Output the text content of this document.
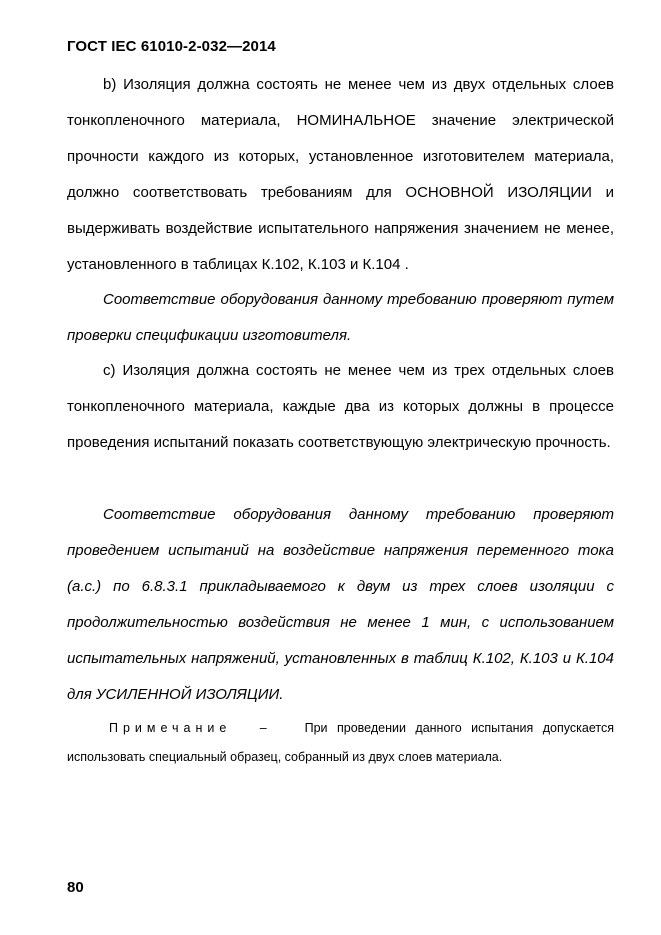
ГОСТ IEC 61010-2-032—2014

b) Изоляция должна состоять не менее чем из двух отдельных слоев тонкопленочного материала, НОМИНАЛЬНОЕ значение электрической прочности каждого из которых, установленное изготовителем материала, должно соответствовать требованиям для ОСНОВНОЙ ИЗОЛЯЦИИ и выдерживать воздействие испытательного напряжения значением не менее, установленного в таблицах К.102, К.103 и К.104 .

Соответствие оборудования данному требованию проверяют путем проверки спецификации изготовителя.

с) Изоляция должна состоять не менее чем из трех отдельных слоев тонкопленочного материала, каждые два из которых должны в процессе проведения испытаний показать соответствующую электрическую прочность.

Соответствие оборудования данному требованию проверяют проведением испытаний на воздействие напряжения переменного тока (а.с.) по 6.8.3.1 прикладываемого к двум из трех слоев изоляции с продолжительностью воздействия не менее 1 мин, с использованием испытательных напряжений, установленных в таблиц К.102, К.103 и К.104 для УСИЛЕННОЙ ИЗОЛЯЦИИ.

Примечание –	При проведении данного испытания допускается использовать специальный образец, собранный из двух слоев материала.

80
